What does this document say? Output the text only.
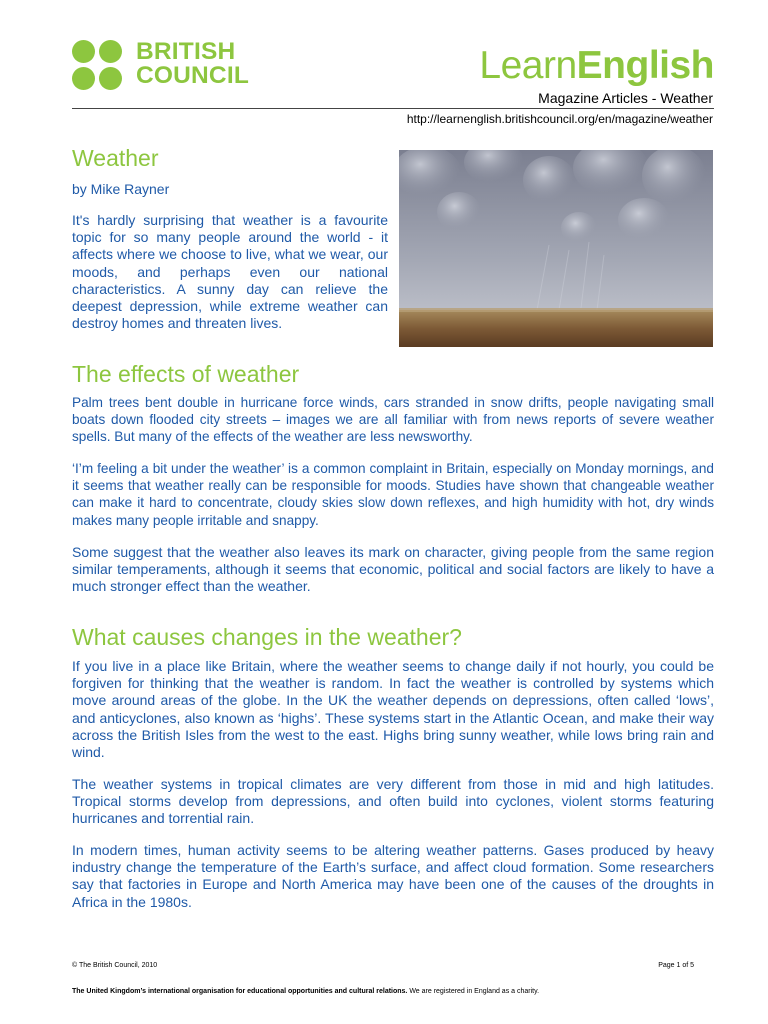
BRITISH
COUNCIL	LearnEnglish
Magazine Articles - Weather
http://learnenglish.britishcouncil.org/en/magazine/weather
Weather
by Mike Rayner
It's hardly surprising that weather is a favourite topic for so many people around the world - it affects where we choose to live, what we wear, our moods, and perhaps even our national characteristics. A sunny day can relieve the deepest depression, while extreme weather can destroy homes and threaten lives.
The effects of weather

Palm trees bent double in hurricane force winds, cars stranded in snow drifts, people navigating small boats down flooded city streets – images we are all familiar with from news reports of severe weather spells. But many of the effects of the weather are less newsworthy.

‘I’m feeling a bit under the weather’ is a common complaint in Britain, especially on Monday mornings, and it seems that weather really can be responsible for moods. Studies have shown that changeable weather can make it hard to concentrate, cloudy skies slow down reflexes, and high humidity with hot, dry winds makes many people irritable and snappy.

Some suggest that the weather also leaves its mark on character, giving people from the same region similar temperaments, although it seems that economic, political and social factors are likely to have a much stronger effect than the weather.

What causes changes in the weather?

If you live in a place like Britain, where the weather seems to change daily if not hourly, you could be forgiven for thinking that the weather is random. In fact the weather is controlled by systems which move around areas of the globe. In the UK the weather depends on depressions, often called ‘lows’, and anticyclones, also known as ‘highs’. These systems start in the Atlantic Ocean, and make their way across the British Isles from the west to the east. Highs bring sunny weather, while lows bring rain and wind.

The weather systems in tropical climates are very different from those in mid and high latitudes. Tropical storms develop from depressions, and often build into cyclones, violent storms featuring hurricanes and torrential rain.

In modern times, human activity seems to be altering weather patterns. Gases produced by heavy industry change the temperature of the Earth’s surface, and affect cloud formation. Some researchers say that factories in Europe and North America may have been one of the causes of the droughts in Africa in the 1980s.

© The British Council, 2010	Page 1 of 5
The United Kingdom’s international organisation for educational opportunities and cultural relations. We are registered in England as a charity.
